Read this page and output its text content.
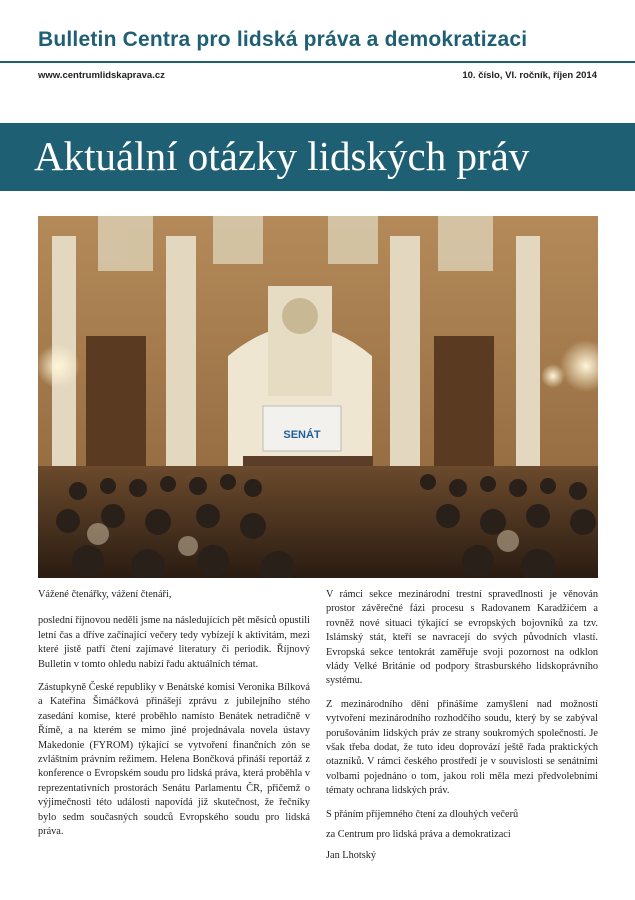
Bulletin Centra pro lidská práva a demokratizaci
www.centrumlidskaprava.cz	10. číslo, VI. ročník, říjen 2014
Aktuální otázky lidských práv
SENÁT

Vážené čtenářky, vážení čtenáři,

poslední říjnovou neděli jsme na následujících pět měsíců opustili letní čas a dříve začínající večery tedy vybízejí k aktivitám, mezi které jistě patří čtení zajímavé literatury či periodik. Říjnový Bulletin v tomto ohledu nabízí řadu aktuálních témat.

Zástupkyně České republiky v Benátské komisi Veronika Bílková a Kateřina Šimáčková přinášejí zprávu z jubilejního stého zasedání komise, které proběhlo namísto Benátek netradičně v Římě, a na kterém se mimo jiné projednávala novela ústavy Makedonie (FYROM) týkající se vytvoření finančních zón se zvláštním právním režimem. Helena Bončková přináší reportáž z konference o Evropském soudu pro lidská práva, která proběhla v reprezentativních prostorách Senátu Parlamentu ČR, přičemž o výjimečnosti této události napovídá již skutečnost, že řečníky bylo sedm současných soudců Evropského soudu pro lidská práva.

V rámci sekce mezinárodní trestní spravedlnosti je věnován prostor závěrečné fázi procesu s Radovanem Karadžićem a rovněž nové situaci týkající se evropských bojovníků za tzv. Islámský stát, kteří se navracejí do svých původních vlastí. Evropská sekce tentokrát zaměřuje svoji pozornost na odklon vlády Velké Británie od podpory štrasburského lidskoprávního systému.

Z mezinárodního dění přinášíme zamyšlení nad možností vytvoření mezinárodního rozhodčího soudu, který by se zabýval porušováním lidských práv ze strany soukromých společností. Je však třeba dodat, že tuto ideu doprovází ještě řada praktických otazníků. V rámci českého prostředí je v souvislosti se senátními volbami pojednáno o tom, jakou roli měla mezi předvolebními tématy ochrana lidských práv.

S přáním příjemného čtení za dlouhých večerů

za Centrum pro lidská práva a demokratizaci

Jan Lhotský
